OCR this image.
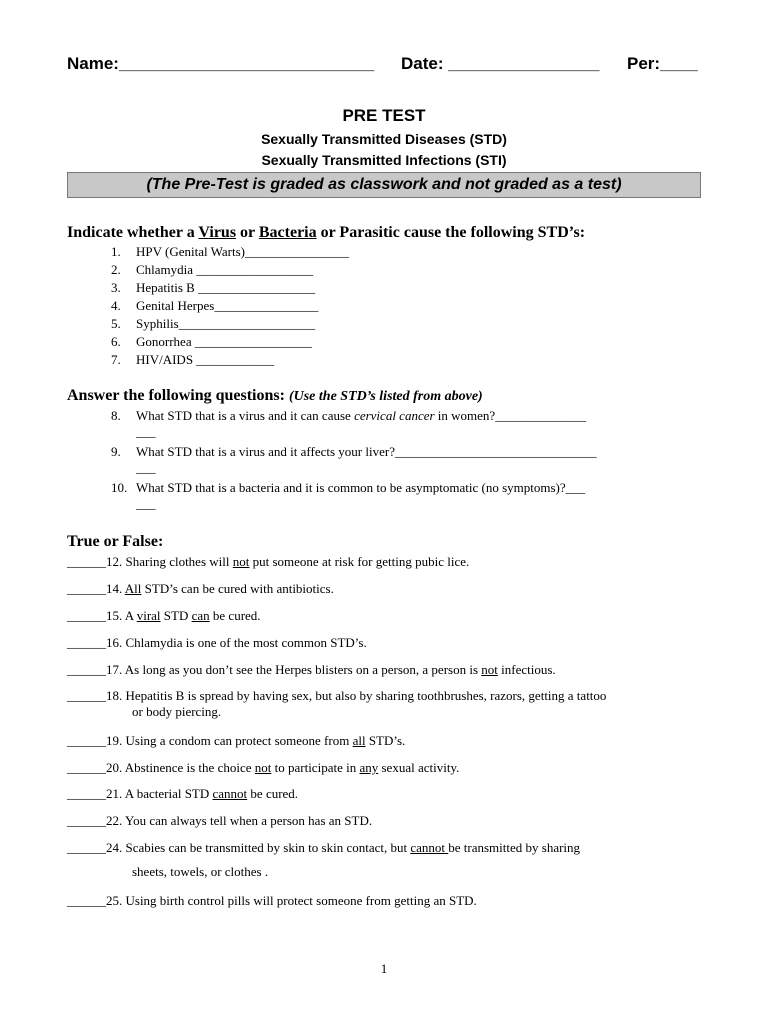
Name:___________________________ Date: ________________ Per:____
PRE TEST
Sexually Transmitted Diseases (STD)
Sexually Transmitted Infections (STI)
(The Pre-Test is graded as classwork and not graded as a test)
Indicate whether a Virus or Bacteria or Parasitic cause the following STD’s:
1. HPV (Genital Warts)________________
2. Chlamydia __________________
3. Hepatitis B __________________
4. Genital Herpes________________
5. Syphilis_____________________
6. Gonorrhea __________________
7. HIV/AIDS ____________
Answer the following questions: (Use the STD’s listed from above)
8. What STD that is a virus and it can cause cervical cancer in women?______________
___
9. What STD that is a virus and it affects your liver?_______________________________
___
10. What STD that is a bacteria and it is common to be asymptomatic (no symptoms)?___
___
True or False:
______12. Sharing clothes will not put someone at risk for getting pubic lice.
______14. All STD’s can be cured with antibiotics.
______15. A viral STD can be cured.
______16. Chlamydia is one of the most common STD’s.
______17. As long as you don’t see the Herpes blisters on a person, a person is not infectious.
______18. Hepatitis B is spread by having sex, but also by sharing toothbrushes, razors, getting a tattoo
or body piercing.
______19. Using a condom can protect someone from all STD’s.
______20. Abstinence is the choice not to participate in any sexual activity.
______21. A bacterial STD cannot be cured.
______22. You can always tell when a person has an STD.
______24. Scabies can be transmitted by skin to skin contact, but cannot be transmitted by sharing
sheets, towels, or clothes .
______25. Using birth control pills will protect someone from getting an STD.
1
